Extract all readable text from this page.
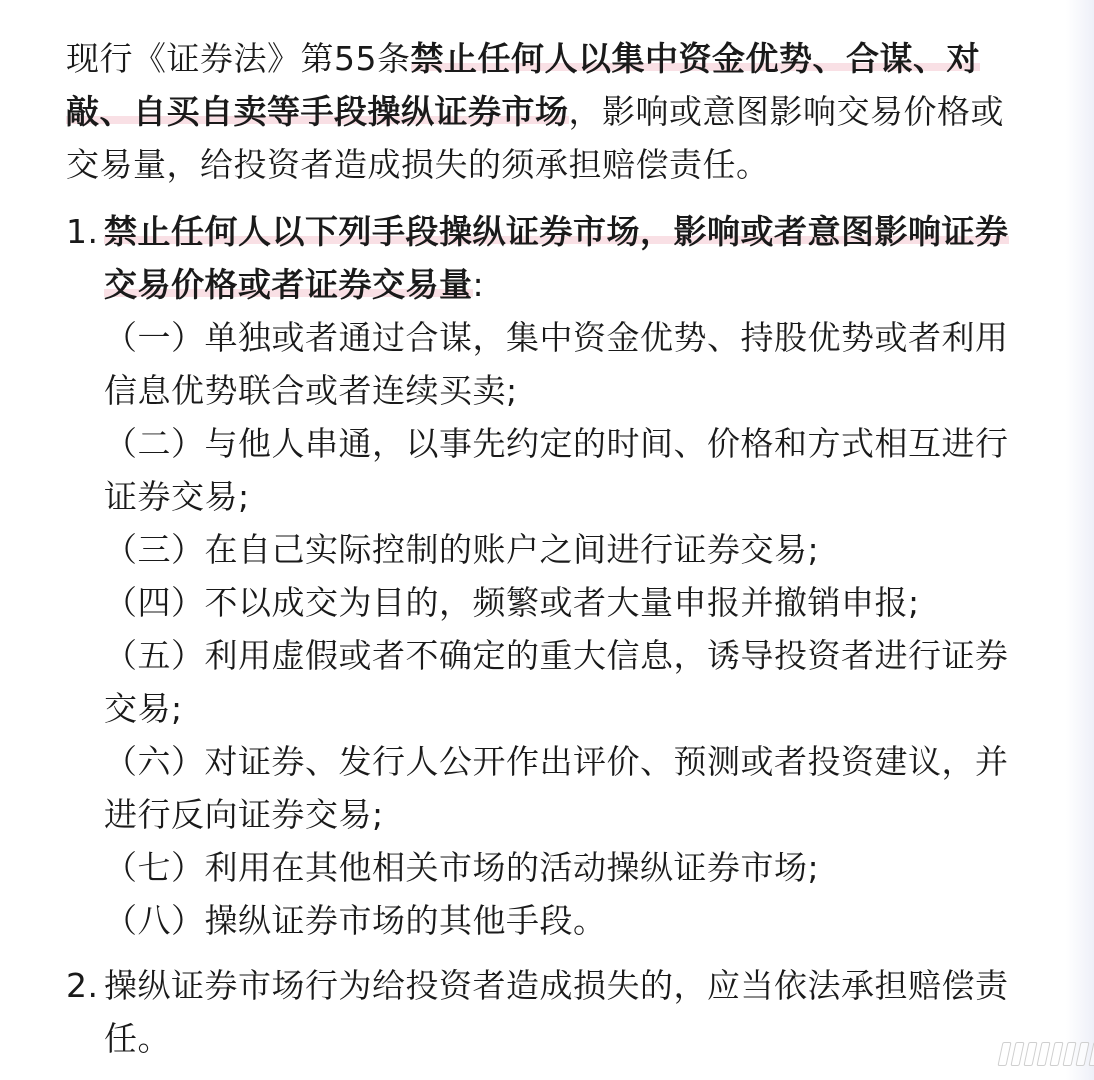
现行《证券法》第55条禁止任何人以集中资金优势、合谋、对敲、自买自卖等手段操纵证券市场，影响或意图影响交易价格或交易量，给投资者造成损失的须承担赔偿责任。

1. 禁止任何人以下列手段操纵证券市场，影响或者意图影响证券交易价格或者证券交易量:

（一）单独或者通过合谋，集中资金优势、持股优势或者利用信息优势联合或者连续买卖;

（二）与他人串通，以事先约定的时间、价格和方式相互进行证券交易;

（三）在自己实际控制的账户之间进行证券交易;

（四）不以成交为目的，频繁或者大量申报并撤销申报;

（五）利用虚假或者不确定的重大信息，诱导投资者进行证券交易;

（六）对证券、发行人公开作出评价、预测或者投资建议，并进行反向证券交易;

（七）利用在其他相关市场的活动操纵证券市场;

（八）操纵证券市场的其他手段。

2. 操纵证券市场行为给投资者造成损失的，应当依法承担赔偿责任。
